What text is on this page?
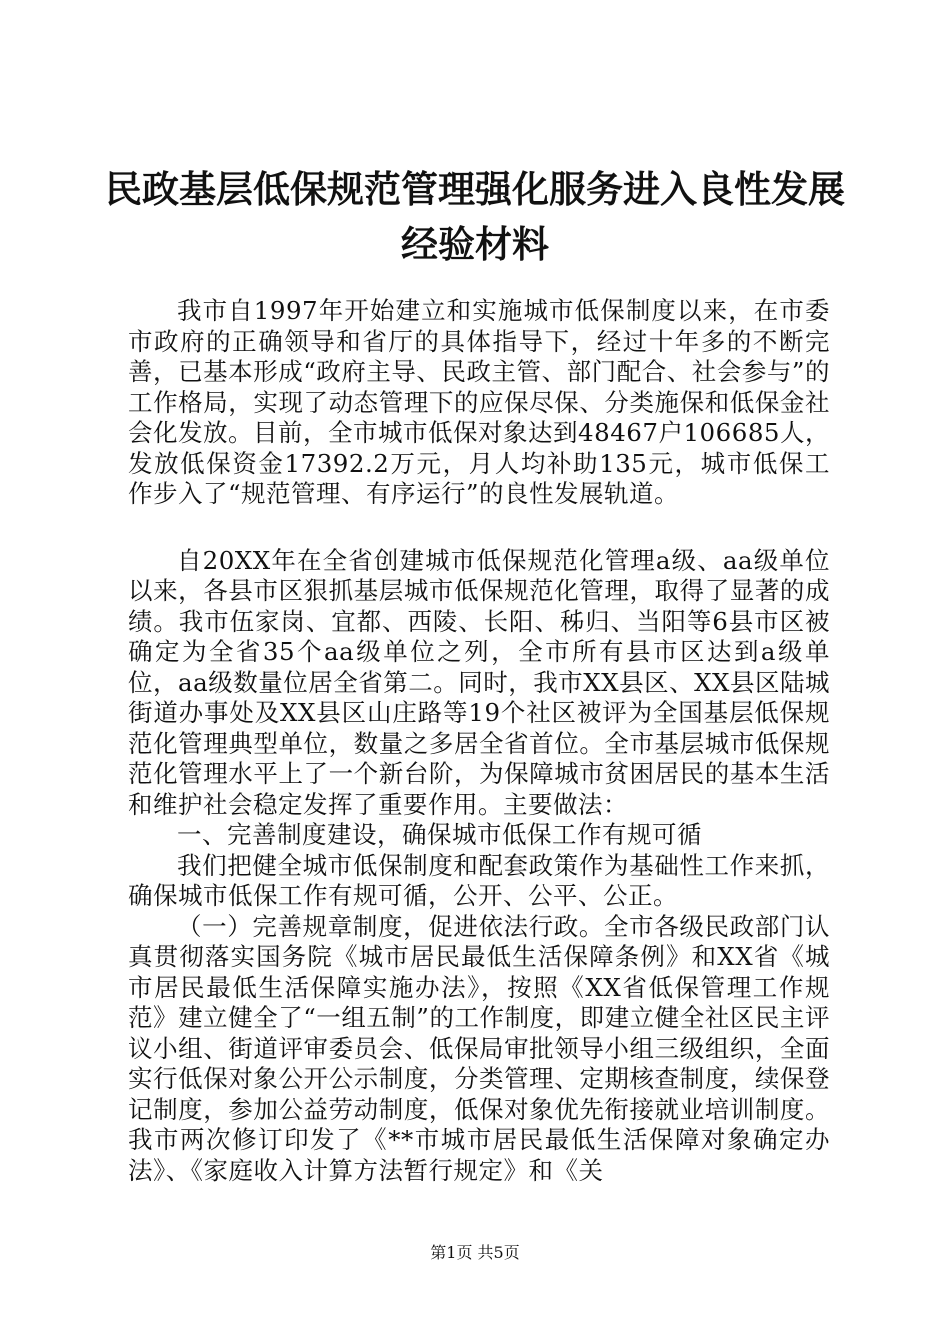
民政基层低保规范管理强化服务进入良性发展
经验材料

我市自1997年开始建立和实施城市低保制度以来，在市委市政府的正确领导和省厅的具体指导下，经过十年多的不断完善，已基本形成“政府主导、民政主管、部门配合、社会参与”的工作格局，实现了动态管理下的应保尽保、分类施保和低保金社会化发放。目前，全市城市低保对象达到48467户106685人，发放低保资金17392.2万元，月人均补助135元，城市低保工作步入了“规范管理、有序运行”的良性发展轨道。

自20XX年在全省创建城市低保规范化管理a级、aa级单位以来，各县市区狠抓基层城市低保规范化管理，取得了显著的成绩。我市伍家岗、宜都、西陵、长阳、秭归、当阳等6县市区被确定为全省35个aa级单位之列，全市所有县市区达到a级单位，aa级数量位居全省第二。同时，我市XX县区、XX县区陆城街道办事处及XX县区山庄路等19个社区被评为全国基层低保规范化管理典型单位，数量之多居全省首位。全市基层城市低保规范化管理水平上了一个新台阶，为保障城市贫困居民的基本生活和维护社会稳定发挥了重要作用。主要做法：

一、完善制度建设，确保城市低保工作有规可循

我们把健全城市低保制度和配套政策作为基础性工作来抓，确保城市低保工作有规可循，公开、公平、公正。

（一）完善规章制度，促进依法行政。全市各级民政部门认真贯彻落实国务院《城市居民最低生活保障条例》和XX省《城市居民最低生活保障实施办法》，按照《XX省低保管理工作规范》建立健全了“一组五制”的工作制度，即建立健全社区民主评议小组、街道评审委员会、低保局审批领导小组三级组织，全面实行低保对象公开公示制度，分类管理、定期核查制度，续保登记制度，参加公益劳动制度，低保对象优先衔接就业培训制度。我市两次修订印发了《**市城市居民最低生活保障对象确定办法》、《家庭收入计算方法暂行规定》和《关

第1页 共5页
